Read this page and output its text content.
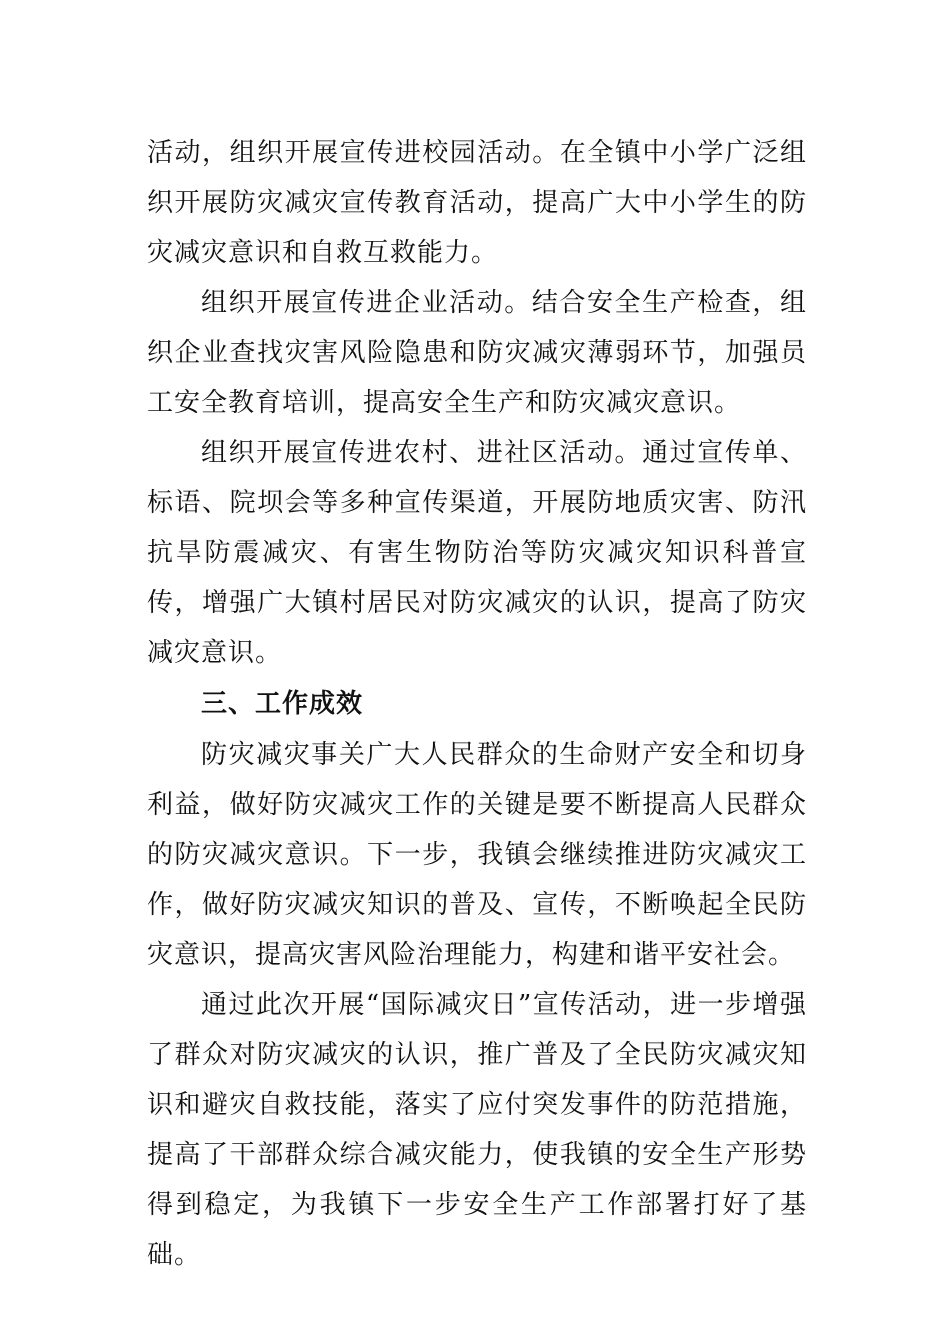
活动，组织开展宣传进校园活动。在全镇中小学广泛组织开展防灾减灾宣传教育活动，提高广大中小学生的防灾减灾意识和自救互救能力。

组织开展宣传进企业活动。结合安全生产检查，组织企业查找灾害风险隐患和防灾减灾薄弱环节，加强员工安全教育培训，提高安全生产和防灾减灾意识。

组织开展宣传进农村、进社区活动。通过宣传单、标语、院坝会等多种宣传渠道，开展防地质灾害、防汛抗旱防震减灾、有害生物防治等防灾减灾知识科普宣传，增强广大镇村居民对防灾减灾的认识，提高了防灾减灾意识。

三、工作成效

防灾减灾事关广大人民群众的生命财产安全和切身利益，做好防灾减灾工作的关键是要不断提高人民群众的防灾减灾意识。下一步，我镇会继续推进防灾减灾工作，做好防灾减灾知识的普及、宣传，不断唤起全民防灾意识，提高灾害风险治理能力，构建和谐平安社会。

通过此次开展“国际减灾日”宣传活动，进一步增强了群众对防灾减灾的认识，推广普及了全民防灾减灾知识和避灾自救技能，落实了应付突发事件的防范措施，提高了干部群众综合减灾能力，使我镇的安全生产形势得到稳定，为我镇下一步安全生产工作部署打好了基础。
